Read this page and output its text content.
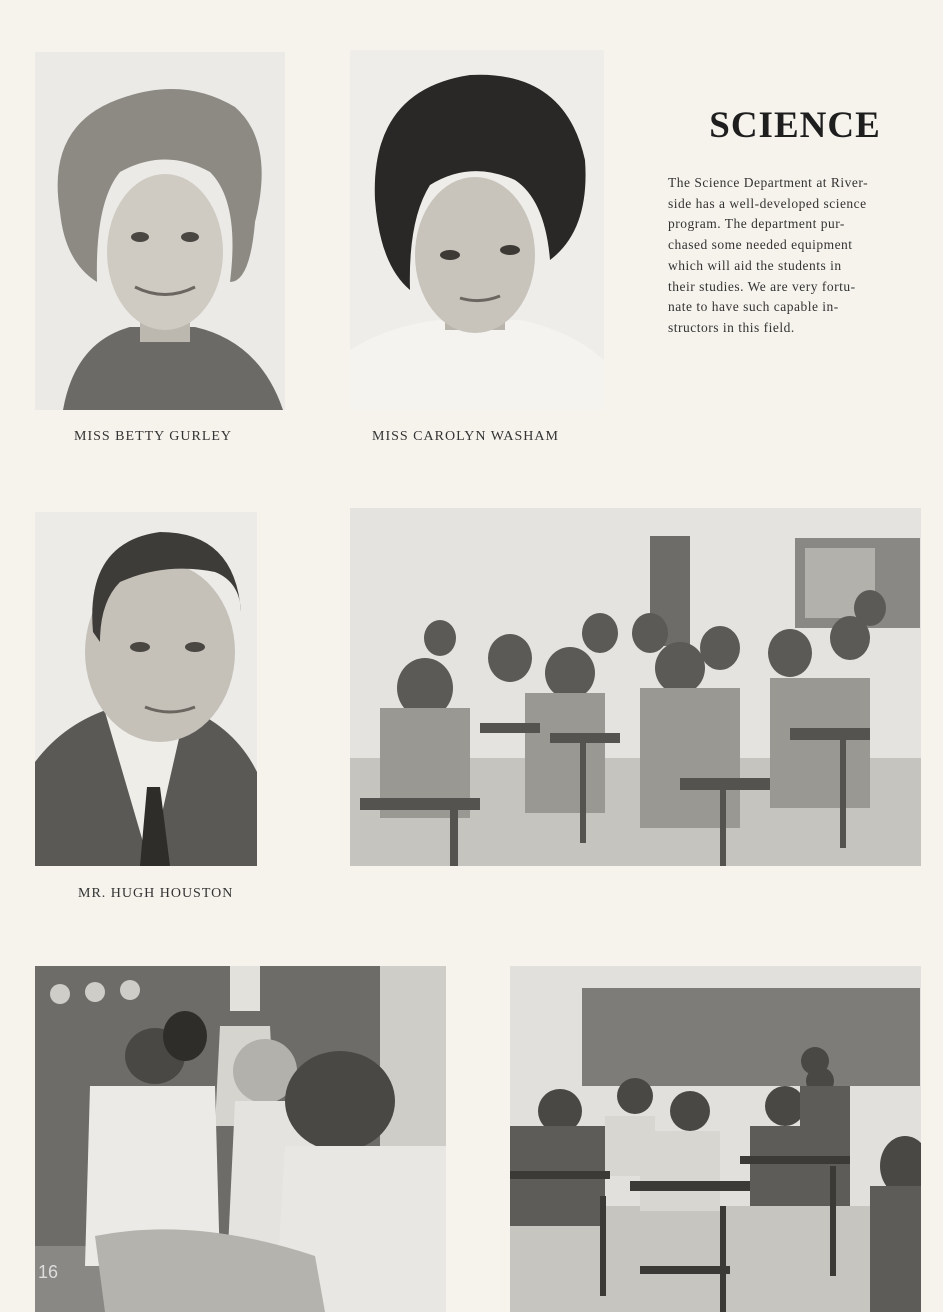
MISS BETTY GURLEY	MISS CAROLYN WASHAM
SCIENCE
The Science Department at River-
side has a well-developed science
program. The department pur-
chased some needed equipment
which will aid the students in
their studies. We are very fortu-
nate to have such capable in-
structors in this field.
MR. HUGH HOUSTON
16
